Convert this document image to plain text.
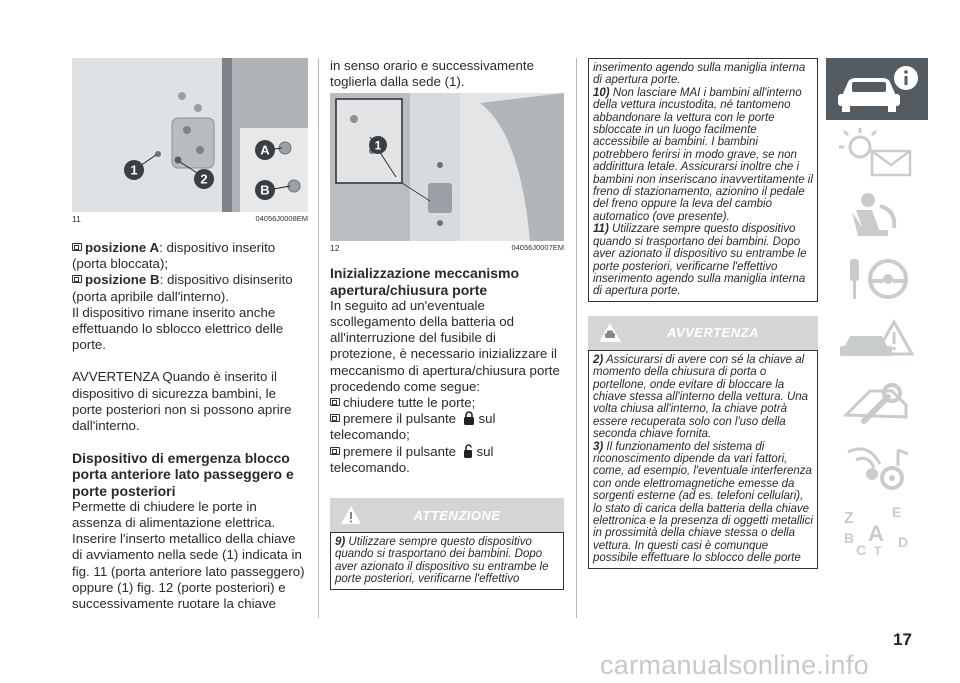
1
2
A
B
11	04056J0008EM
posizione A: dispositivo inserito (porta bloccata);
posizione B: dispositivo disinserito (porta apribile dall'interno).

Il dispositivo rimane inserito anche effettuando lo sblocco elettrico delle porte.

AVVERTENZA Quando è inserito il dispositivo di sicurezza bambini, le porte posteriori non si possono aprire dall'interno.

Dispositivo di emergenza blocco porta anteriore lato passeggero e porte posteriori

Permette di chiudere le porte in assenza di alimentazione elettrica. Inserire l'inserto metallico della chiave di avviamento nella sede (1) indicata in fig. 11 (porta anteriore lato passeggero) oppure (1) fig. 12 (porte posteriori) e successivamente ruotare la chiave

in senso orario e successivamente toglierla dalla sede (1).

1
12	04056J0007EM
Inizializzazione meccanismo apertura/chiusura porte

In seguito ad un'eventuale scollegamento della batteria od all'interruzione del fusibile di protezione, è necessario inizializzare il meccanismo di apertura/chiusura porte procedendo come segue:

chiudere tutte le porte;
premere il pulsante  sul telecomando;
premere il pulsante  sul telecomando.
ATTENZIONE

9) Utilizzare sempre questo dispositivo quando si trasportano dei bambini. Dopo aver azionato il dispositivo su entrambe le porte posteriori, verificarne l'effettivo

inserimento agendo sulla maniglia interna di apertura porte.

10) Non lasciare MAI i bambini all'interno della vettura incustodita, né tantomeno abbandonare la vettura con le porte sbloccate in un luogo facilmente accessibile ai bambini. I bambini potrebbero ferirsi in modo grave, se non addirittura letale. Assicurarsi inoltre che i bambini non inseriscano inavvertitamente il freno di stazionamento, azionino il pedale del freno oppure la leva del cambio automatico (ove presente).

11) Utilizzare sempre questo dispositivo quando si trasportano dei bambini. Dopo aver azionato il dispositivo su entrambe le porte posteriori, verificarne l'effettivo inserimento agendo sulla maniglia interna di apertura porte.

AVVERTENZA

2) Assicurarsi di avere con sé la chiave al momento della chiusura di porta o portellone, onde evitare di bloccare la chiave stessa all'interno della vettura. Una volta chiusa all'interno, la chiave potrà essere recuperata solo con l'uso della seconda chiave fornita.

3) Il funzionamento del sistema di riconoscimento dipende da vari fattori, come, ad esempio, l'eventuale interferenza con onde elettromagnetiche emesse da sorgenti esterne (ad es. telefoni cellulari), lo stato di carica della batteria della chiave elettronica e la presenza di oggetti metallici in prossimità della chiave stessa o della vettura. In questi casi è comunque possibile effettuare lo sblocco delle porte

Z	E
B
C
A
T
D
17
carmanualsonline.info
